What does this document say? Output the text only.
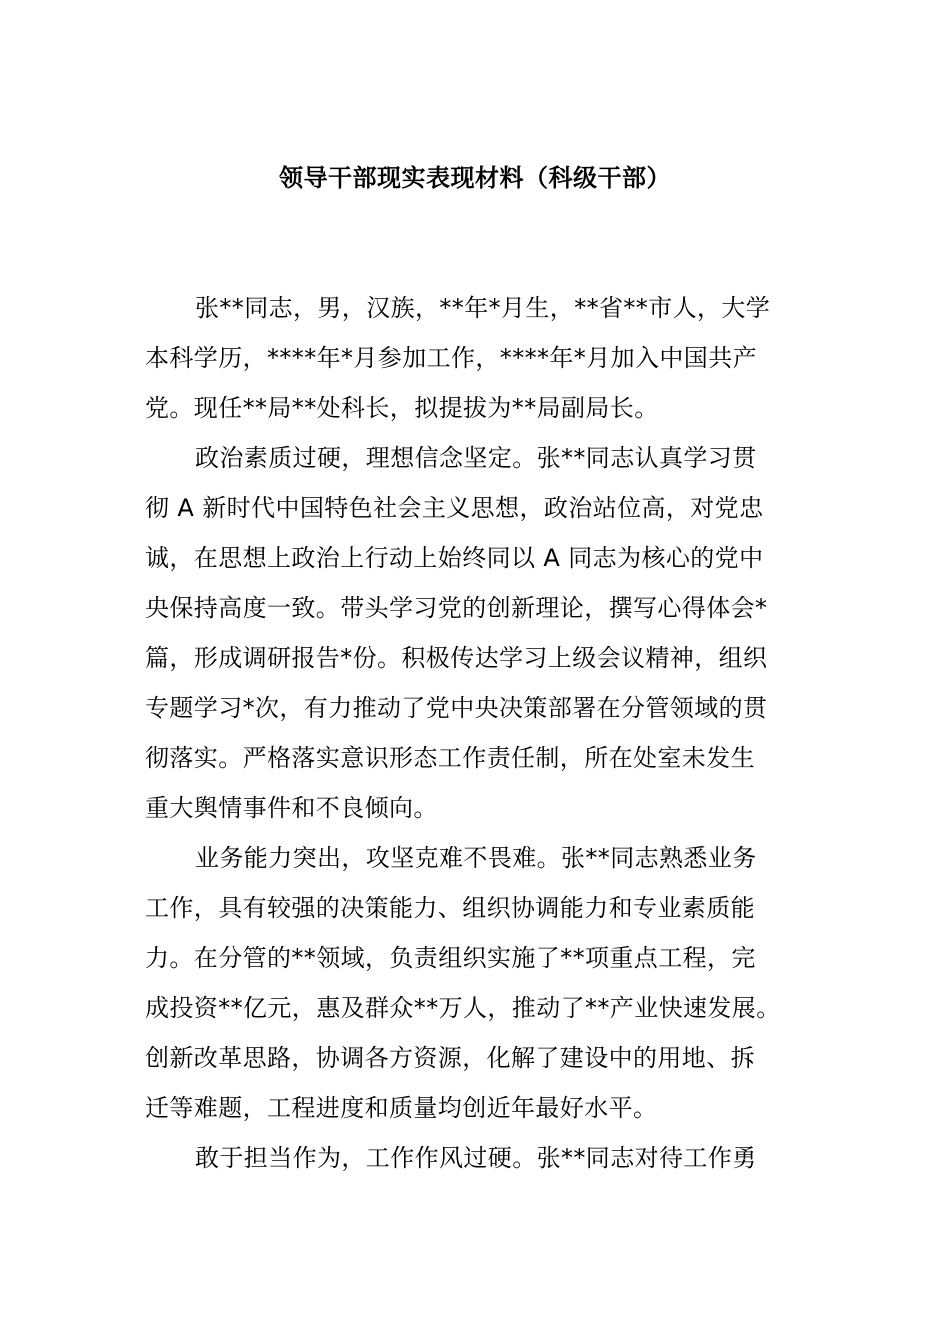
领导干部现实表现材料（科级干部）
张**同志，男，汉族，**年*月生，**省**市人，大学
本科学历，****年*月参加工作，****年*月加入中国共产
党。现任**局**处科长，拟提拔为**局副局长。
政治素质过硬，理想信念坚定。张**同志认真学习贯
彻 A 新时代中国特色社会主义思想，政治站位高，对党忠
诚，在思想上政治上行动上始终同以 A 同志为核心的党中
央保持高度一致。带头学习党的创新理论，撰写心得体会*
篇，形成调研报告*份。积极传达学习上级会议精神，组织
专题学习*次，有力推动了党中央决策部署在分管领域的贯
彻落实。严格落实意识形态工作责任制，所在处室未发生
重大舆情事件和不良倾向。
业务能力突出，攻坚克难不畏难。张**同志熟悉业务
工作，具有较强的决策能力、组织协调能力和专业素质能
力。在分管的**领域，负责组织实施了**项重点工程，完
成投资**亿元，惠及群众**万人，推动了**产业快速发展。
创新改革思路，协调各方资源，化解了建设中的用地、拆
迁等难题，工程进度和质量均创近年最好水平。
敢于担当作为，工作作风过硬。张**同志对待工作勇
